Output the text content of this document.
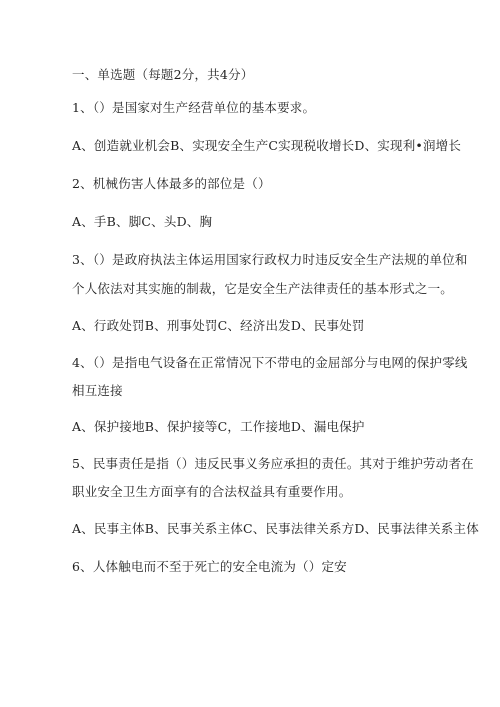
一、单选题（每题2分，共4分）
1、（）是国家对生产经营单位的基本要求。
A、创造就业机会B、实现安全生产C实现税收增长D、实现利•润增长
2、机械伤害人体最多的部位是（）
A、手B、脚C、头D、胸
3、（）是政府执法主体运用国家行政权力时违反安全生产法规的单位和
个人依法对其实施的制裁，它是安全生产法律责任的基本形式之一。
A、行政处罚B、刑事处罚C、经济出发D、民事处罚
4、（）是指电气设备在正常情况下不带电的金屈部分与电网的保护零线
相互连接
A、保护接地B、保护接等C，工作接地D、漏电保护
5、民事责任是指（）违反民事义务应承担的责任。其对于维护劳动者在
职业安全卫生方面享有的合法权益具有重要作用。
A、民事主体B、民事关系主体C、民事法律关系方D、民事法律关系主体
6、人体触电而不至于死亡的安全电流为（）定安
